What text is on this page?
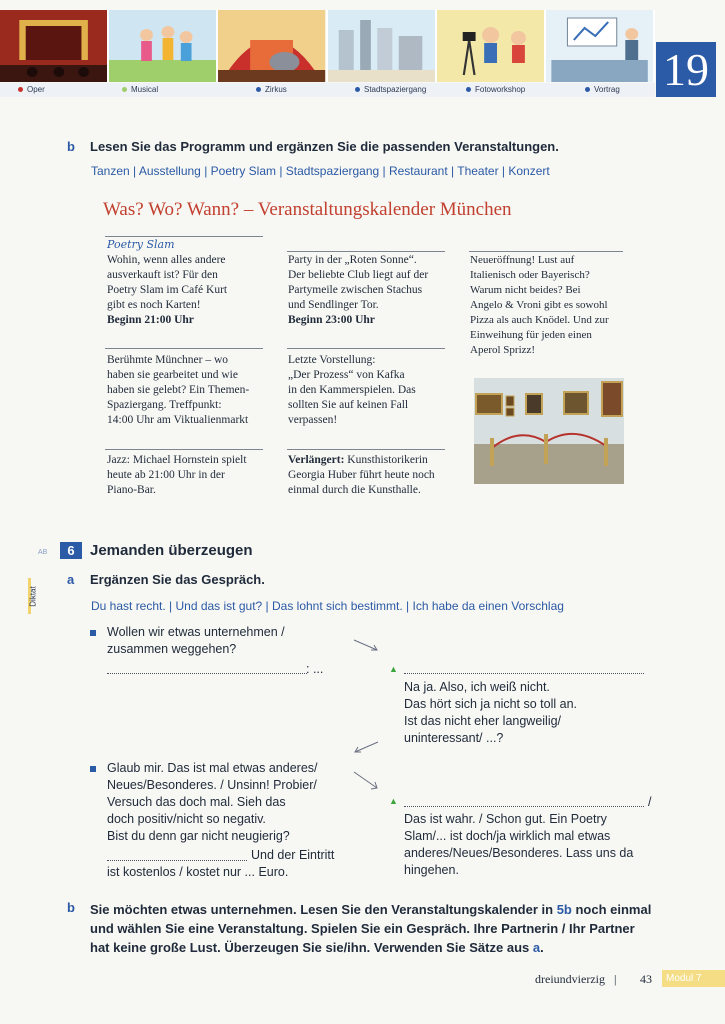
Oper	Musical	Zirkus	Stadtspaziergang	Fotoworkshop	Vortrag 19
b Lesen Sie das Programm und ergänzen Sie die passenden Veranstaltungen.
Tanzen | Ausstellung | Poetry Slam | Stadtspaziergang | Restaurant | Theater | Konzert
Was? Wo? Wann? – Veranstaltungskalender München
Poetry Slam
Wohin, wenn alles andere
ausverkauft ist? Für den
Poetry Slam im Café Kurt
gibt es noch Karten!
Beginn 21:00 Uhr
Berühmte Münchner – wo
haben sie gearbeitet und wie
haben sie gelebt? Ein Themen-
Spaziergang. Treffpunkt:
14:00 Uhr am Viktualienmarkt
Jazz: Michael Hornstein spielt
heute ab 21:00 Uhr in der
Piano-Bar.
Party in der „Roten Sonne“.
Der beliebte Club liegt auf der
Partymeile zwischen Stachus
und Sendlinger Tor.
Beginn 23:00 Uhr
Letzte Vorstellung:
„Der Prozess“ von Kafka
in den Kammerspielen. Das
sollten Sie auf keinen Fall
verpassen!
Verlängert: Kunsthistorikerin
Georgia Huber führt heute noch
einmal durch die Kunsthalle.
Neueröffnung! Lust auf
Italienisch oder Bayerisch?
Warum nicht beides? Bei
Angelo & Vroni gibt es sowohl
Pizza als auch Knödel. Und zur
Einweihung für jeden einen
Aperol Sprizz!
AB	6	Jemanden überzeugen
Diktat
a Ergänzen Sie das Gespräch.
Du hast recht. | Und das ist gut? | Das lohnt sich bestimmt. | Ich habe da einen Vorschlag
Wollen wir etwas unternehmen /
zusammen weggehen?
: ...	▲
Na ja. Also, ich weiß nicht.
Das hört sich ja nicht so toll an.
Ist das nicht eher langweilig/
uninteressant/ ...?
Glaub mir. Das ist mal etwas anderes/
Neues/Besonderes. / Unsinn! Probier/
Versuch das doch mal. Sieh das
doch positiv/nicht so negativ.
Bist du denn gar nicht neugierig?
Und der Eintritt
ist kostenlos / kostet nur ... Euro.
▲	/
Das ist wahr. / Schon gut. Ein Poetry
Slam/... ist doch/ja wirklich mal etwas
anderes/Neues/Besonderes. Lass uns da
hingehen.
b Sie möchten etwas unternehmen. Lesen Sie den Veranstaltungskalender in 5b noch einmal
und wählen Sie eine Veranstaltung. Spielen Sie ein Gespräch. Ihre Partnerin / Ihr Partner
hat keine große Lust. Überzeugen Sie sie/ihn. Verwenden Sie Sätze aus a.
dreiundvierzig | 43	Modul 7
